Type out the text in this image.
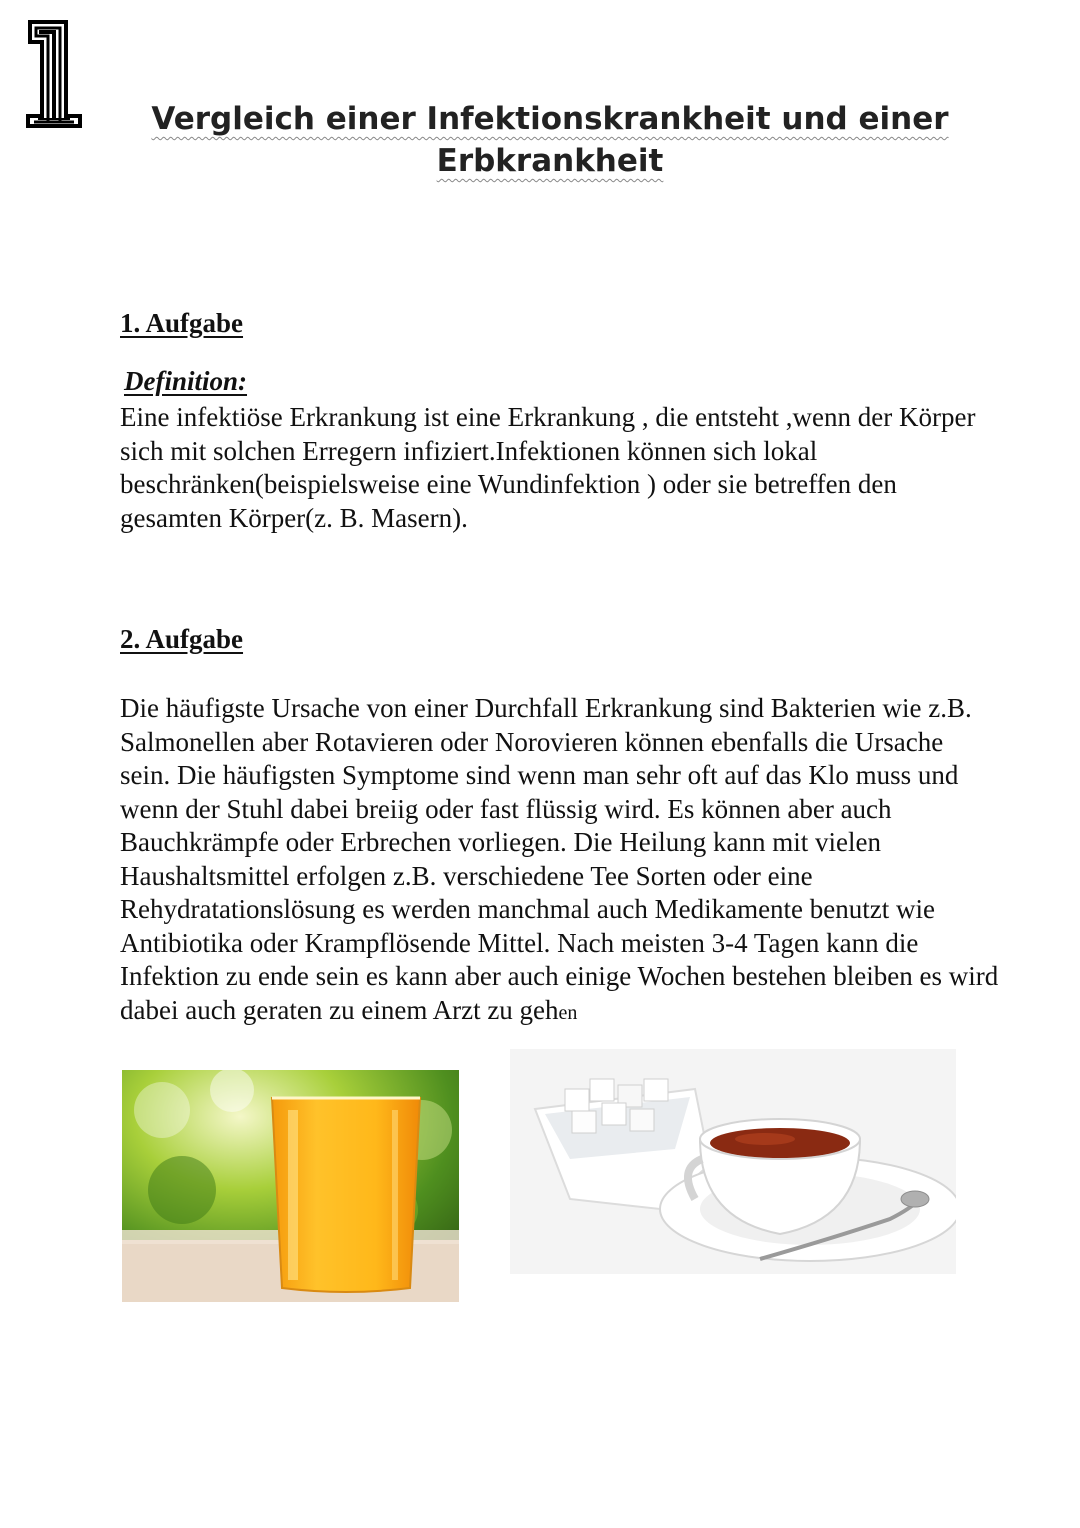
Vergleich einer Infektionskrankheit und einer
Erbkrankheit
1. Aufgabe
Definition:

Eine infektiöse Erkrankung ist eine Erkrankung , die entsteht ,wenn der Körper sich mit solchen Erregern infiziert.Infektionen können sich lokal beschränken(beispielsweise eine Wundinfektion ) oder sie betreffen den gesamten Körper(z. B. Masern).

2. Aufgabe

Die häufigste Ursache von einer Durchfall Erkrankung sind Bakterien wie z.B. Salmonellen aber Rotavieren oder Norovieren können ebenfalls die Ursache sein. Die häufigsten Symptome sind wenn man sehr oft auf das Klo muss und wenn der Stuhl dabei breiig oder fast flüssig wird. Es können aber auch Bauchkrämpfe oder Erbrechen vorliegen. Die Heilung kann mit vielen Haushaltsmittel erfolgen z.B. verschiedene Tee Sorten oder eine Rehydratationslösung es werden manchmal auch Medikamente benutzt wie Antibiotika oder Krampflösende Mittel. Nach meisten 3-4 Tagen kann die Infektion zu ende sein es kann aber auch einige Wochen bestehen bleiben es wird dabei auch geraten zu einem Arzt zu gehen
